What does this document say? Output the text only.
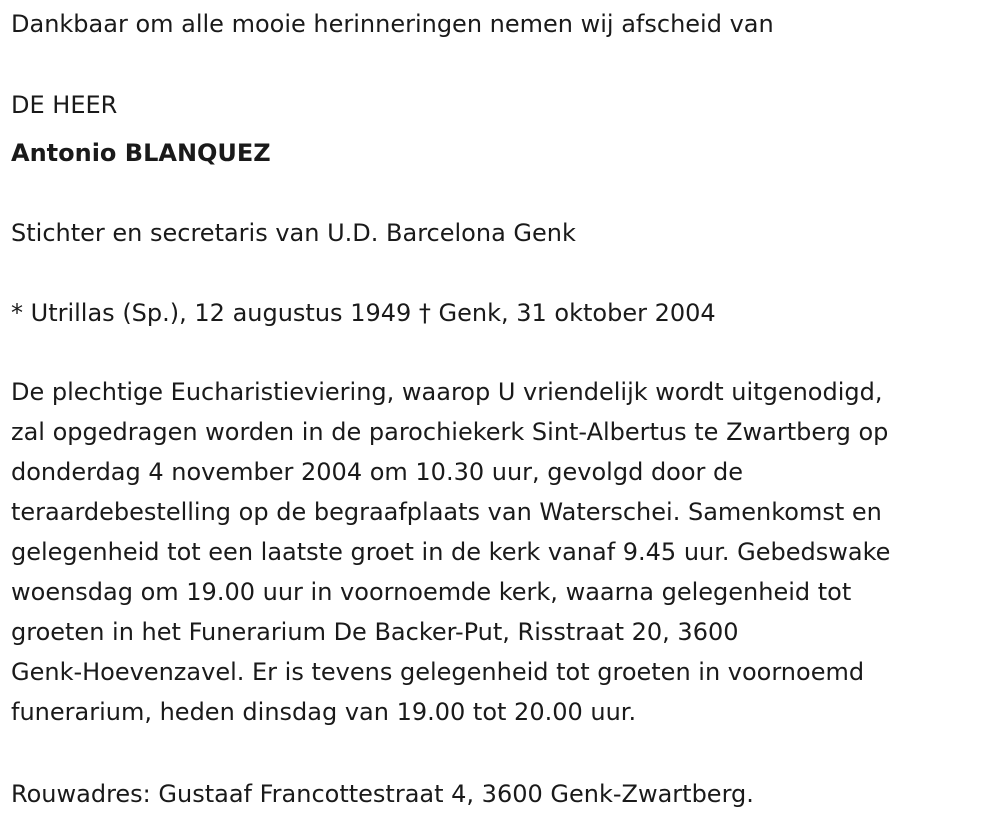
Dankbaar om alle mooie herinneringen nemen wij afscheid van
DE HEER
Antonio BLANQUEZ
Stichter en secretaris van U.D. Barcelona Genk
* Utrillas (Sp.), 12 augustus 1949 † Genk, 31 oktober 2004
De plechtige Eucharistieviering, waarop U vriendelijk wordt uitgenodigd,
zal opgedragen worden in de parochiekerk Sint-Albertus te Zwartberg op
donderdag 4 november 2004 om 10.30 uur, gevolgd door de
teraardebestelling op de begraafplaats van Waterschei. Samenkomst en
gelegenheid tot een laatste groet in de kerk vanaf 9.45 uur. Gebedswake
woensdag om 19.00 uur in voornoemde kerk, waarna gelegenheid tot
groeten in het Funerarium De Backer-Put, Risstraat 20, 3600
Genk-Hoevenzavel. Er is tevens gelegenheid tot groeten in voornoemd
funerarium, heden dinsdag van 19.00 tot 20.00 uur.
Rouwadres: Gustaaf Francottestraat 4, 3600 Genk-Zwartberg.
